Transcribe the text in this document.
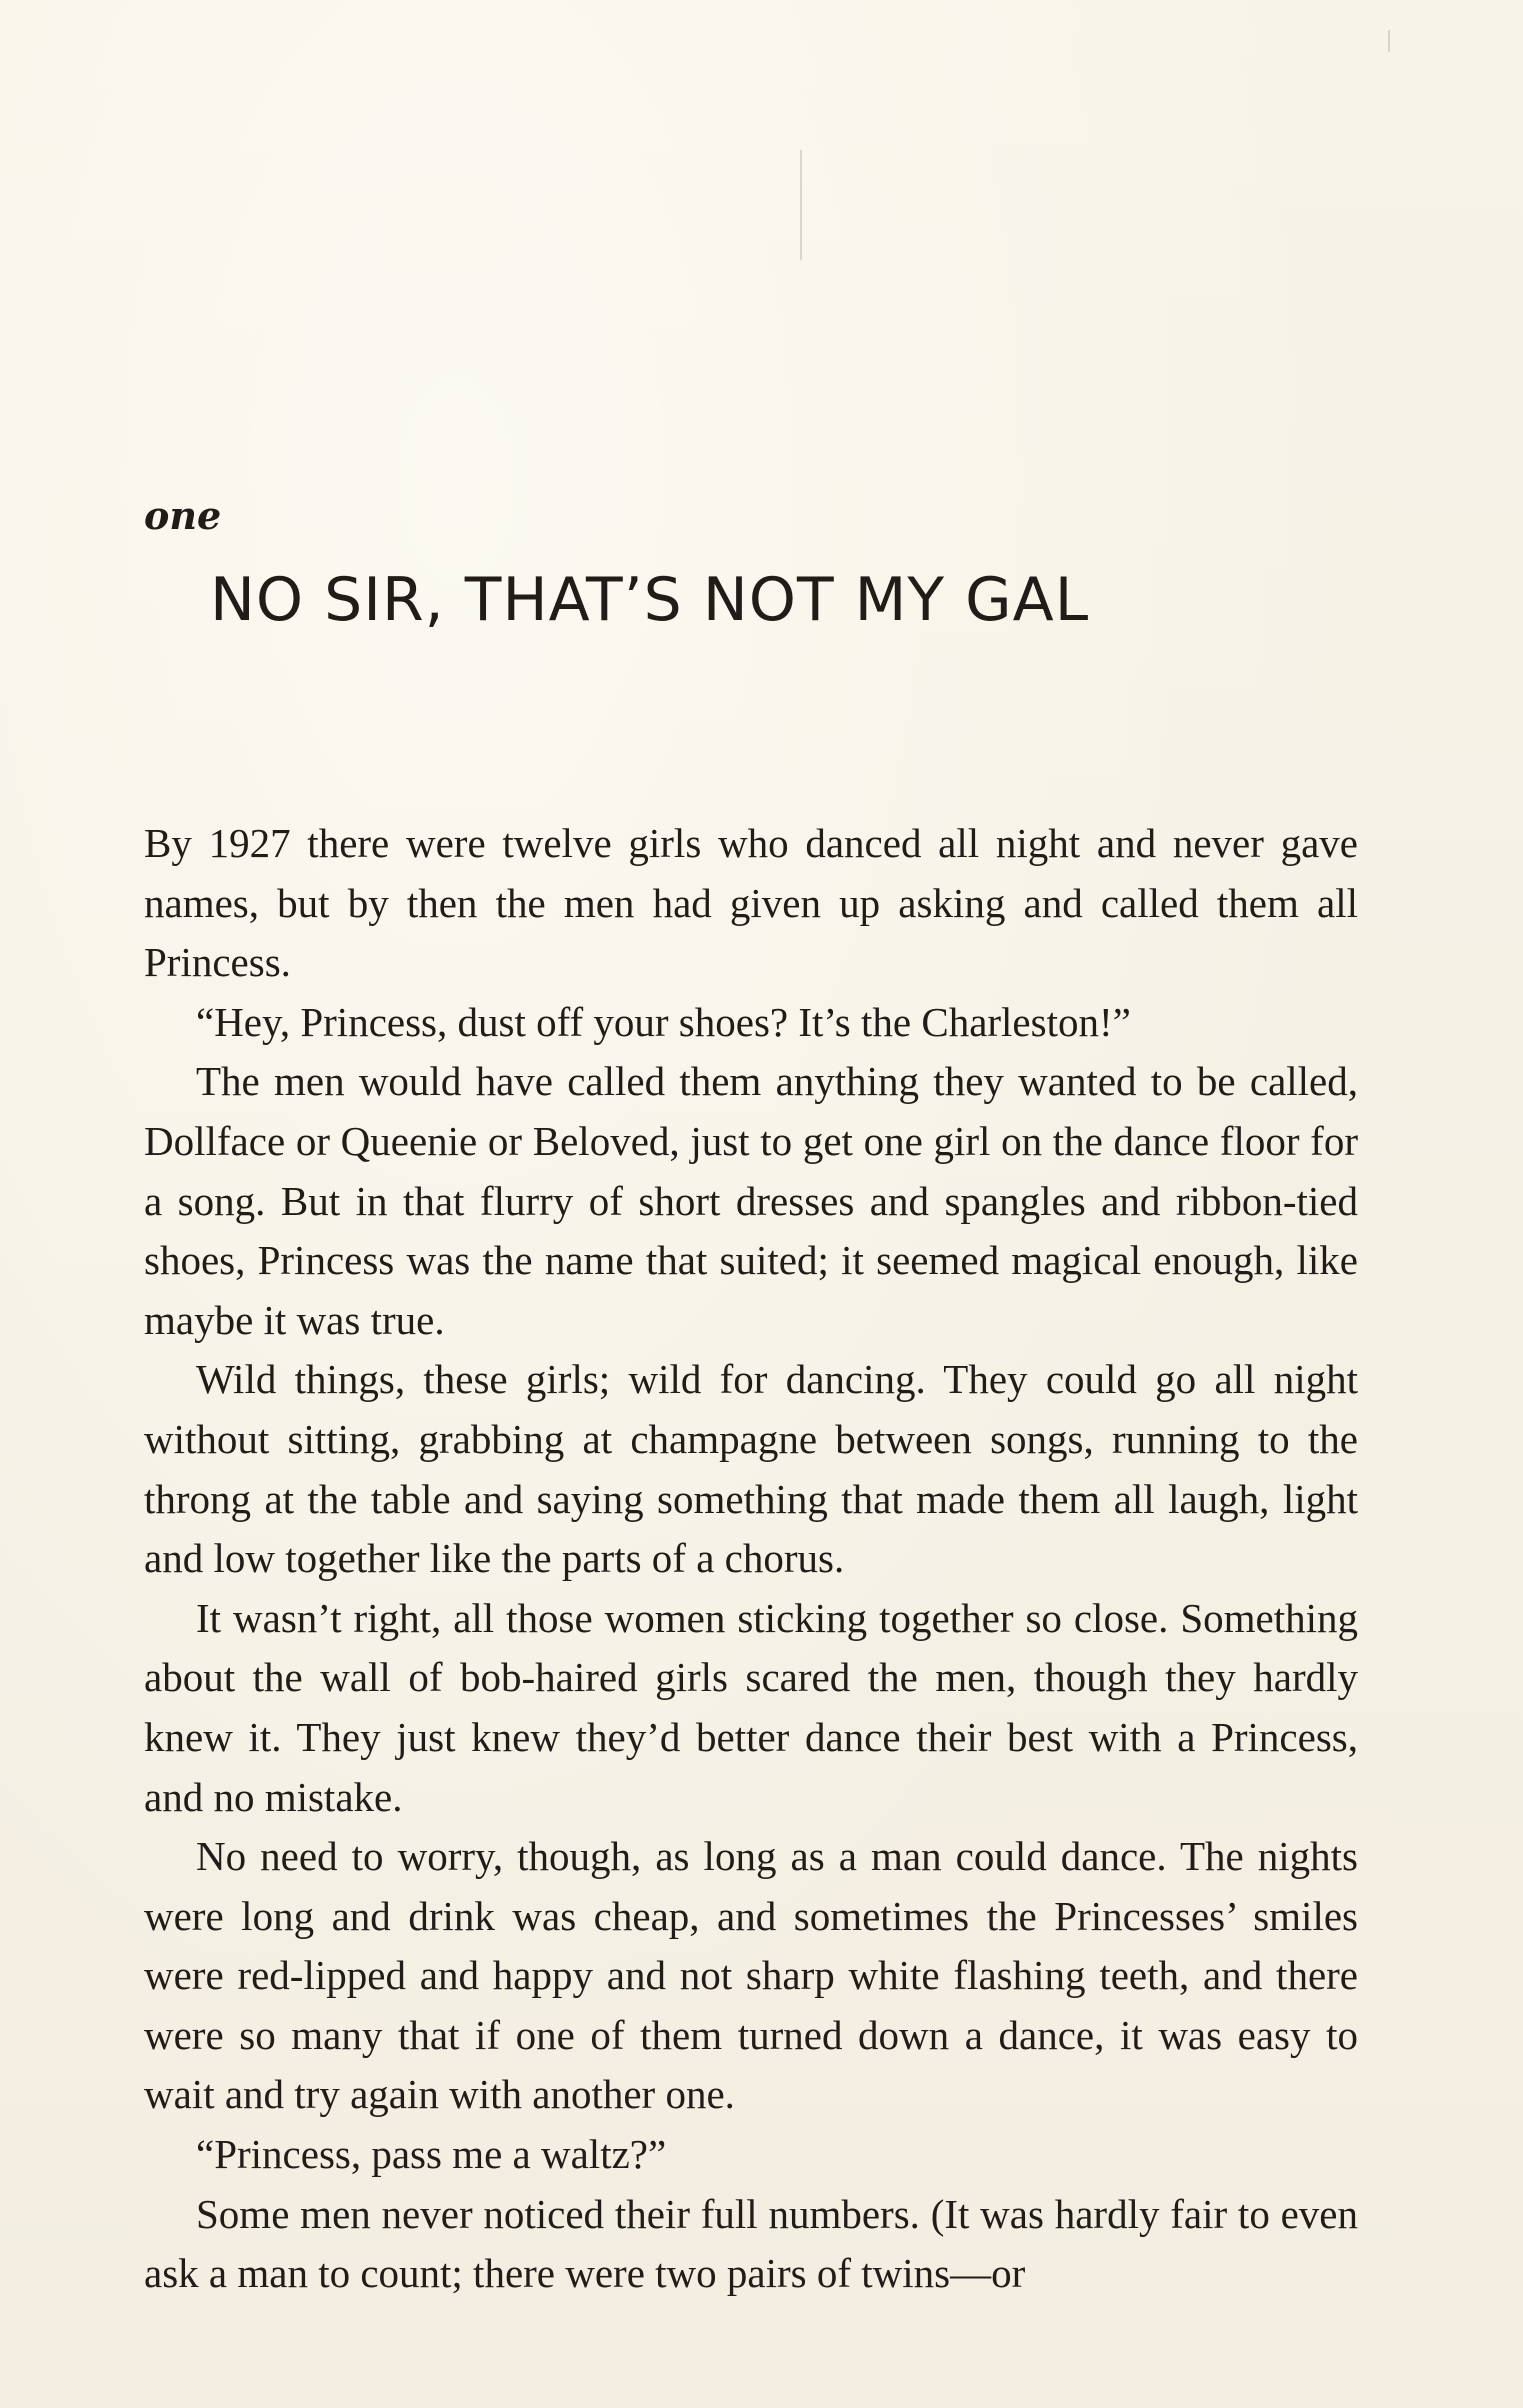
one
NO SIR, THAT’S NOT MY GAL

By 1927 there were twelve girls who danced all night and never gave names, but by then the men had given up asking and called them all Princess.

“Hey, Princess, dust off your shoes? It’s the Charleston!”

The men would have called them anything they wanted to be called, Dollface or Queenie or Beloved, just to get one girl on the dance floor for a song. But in that flurry of short dresses and spangles and ribbon-tied shoes, Princess was the name that suited; it seemed magical enough, like maybe it was true.

Wild things, these girls; wild for dancing. They could go all night without sitting, grabbing at champagne between songs, running to the throng at the table and saying something that made them all laugh, light and low together like the parts of a chorus.

It wasn’t right, all those women sticking together so close. Something about the wall of bob-haired girls scared the men, though they hardly knew it. They just knew they’d better dance their best with a Princess, and no mistake.

No need to worry, though, as long as a man could dance. The nights were long and drink was cheap, and sometimes the Princesses’ smiles were red-lipped and happy and not sharp white flashing teeth, and there were so many that if one of them turned down a dance, it was easy to wait and try again with another one.

“Princess, pass me a waltz?”

Some men never noticed their full numbers. (It was hardly fair to even ask a man to count; there were two pairs of twins—or
